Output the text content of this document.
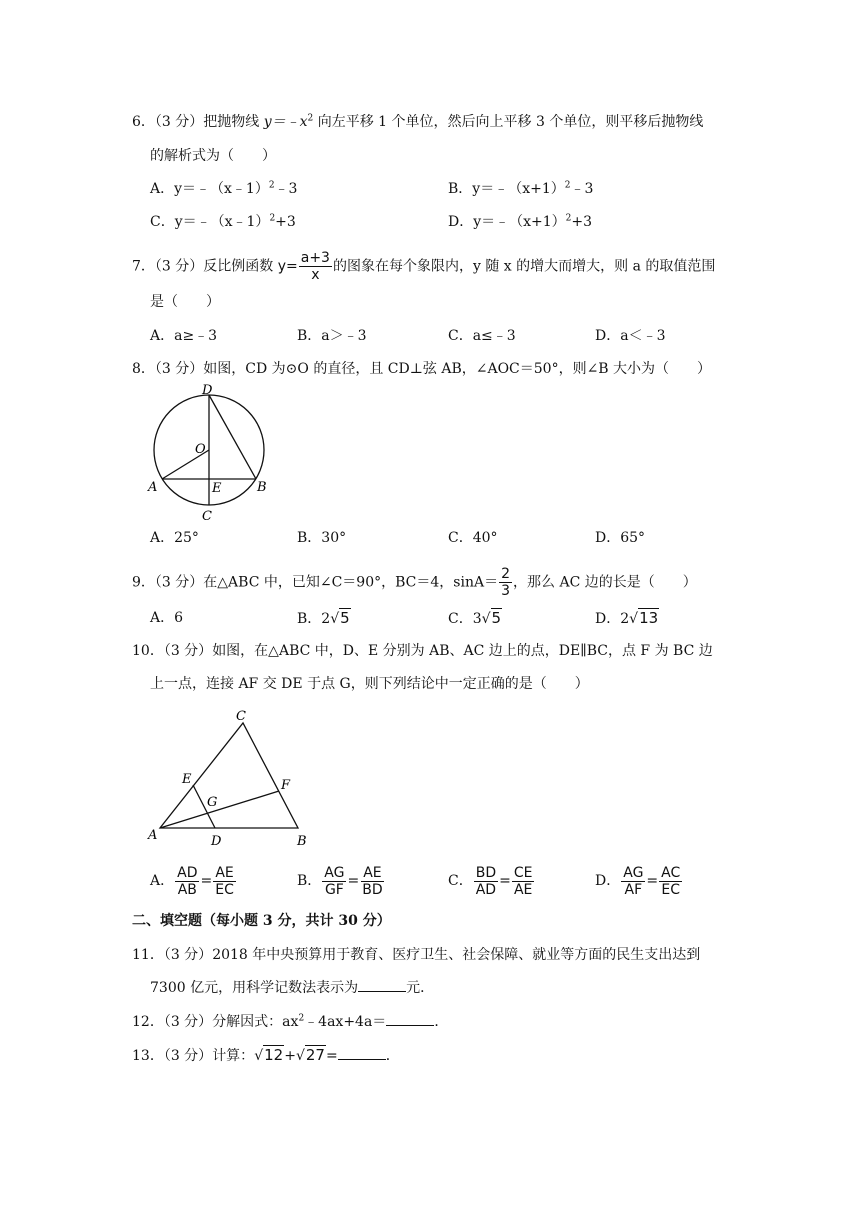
6．（3 分）把抛物线 $y=﹣x^2$ 向左平移 1 个单位，然后向上平移 3 个单位，则平移后抛物线
的解析式为（　　）
A．y＝﹣（x﹣1）$^2$﹣3	B．$y=﹣(x+1)^2﹣3$
C．y＝﹣（x﹣1）$^2$+3	D．$y=﹣(x+1)^2+3$
7．（3 分）反比例函数 $y= \frac{a+3}{x}$ 的图象在每个象限内，y 随 x 的增大而增大，则 a 的取值范围
是（　　）
A．a≥﹣3	B．a＞﹣3	C．a≤﹣3	D．a＜﹣3
8．（3 分）如图，CD 为⊙O 的直径，且 CD⊥弦 AB，∠AOC＝50°，则∠B 大小为（　　）
D
O
A	E	B
C
A．25°	B．30°	C．40°	D．65°
9．（3 分）在△ABC 中，已知∠C＝90°，BC＝4，$\sin A= \frac{2}{3}$ ，那么 AC 边的长是（　　）
A．6	B．2√5	C．3√5	D．2√13
10．（3 分）如图，在△ABC 中，D、E 分别为 AB、AC 边上的点，DE∥BC，点 F 为 BC 边
上一点，连接 AF 交 DE 于点 G，则下列结论中一定正确的是（　　）
C
E	F
G
A	D	B
A． $\frac{AD}{AB} = \frac{AE}{EC}$	B． $\frac{AG}{GF} = \frac{AE}{BD}$	C． $\frac{BD}{AD} = \frac{CE}{AE}$	D． $\frac{AG}{AF} = \frac{AC}{EC}$
二、填空题（每小题 3 分，共计 30 分）
11．（3 分）2018 年中央预算用于教育、医疗卫生、社会保障、就业等方面的民生支出达到
7300 亿元，用科学记数法表示为	元．
12．（3 分）分解因式：$ax^2﹣4ax+4a=$	．
13．（3 分）计算：√12+√27=	．
